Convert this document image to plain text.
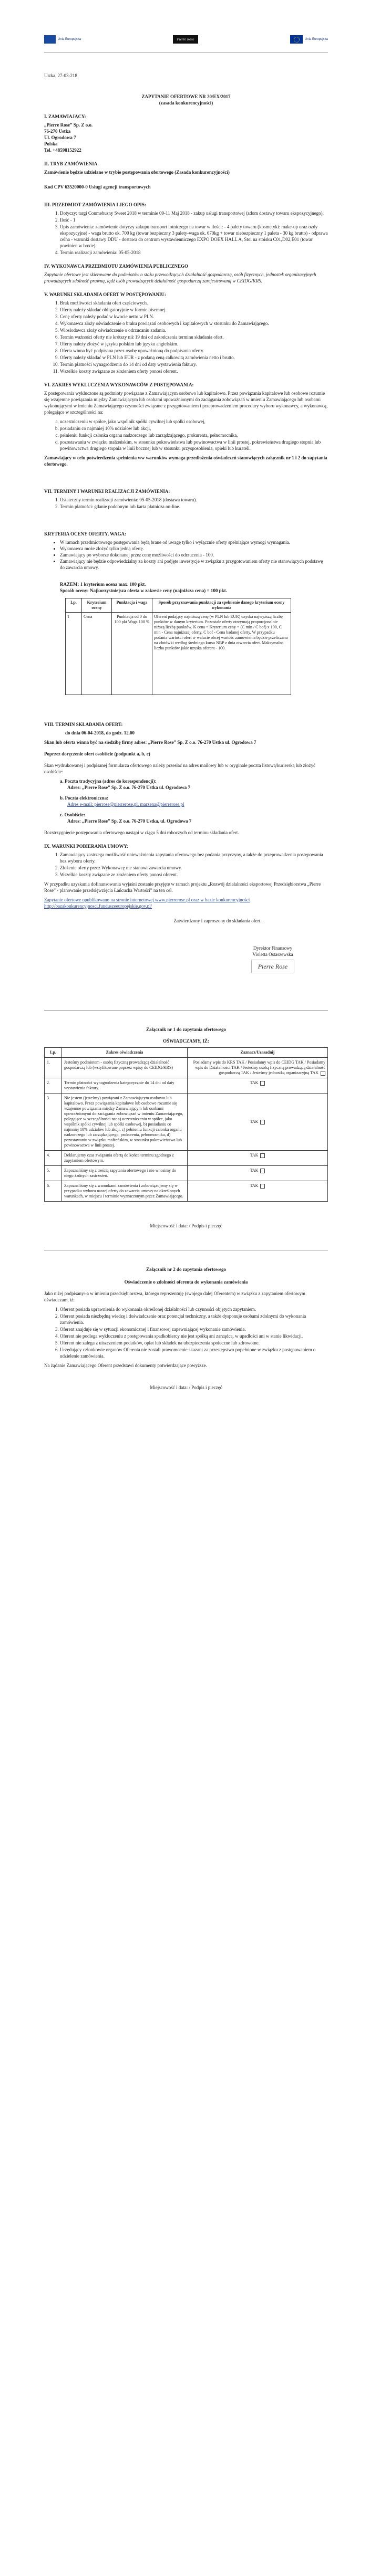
Unia Europejska	Pierre Rose	Unia Europejska

Ustka, 27-03-218

ZAPYTANIE OFERTOWE NR 20/EX/2017

(zasada konkurencyjności)

I. ZAMAWIAJĄCY:
„Pierre Rose” Sp. Z o.o.
76-270 Ustka
Ul. Ogrodowa 7
Polska
Tel. +48598152922
II. TRYB ZAMÓWIENIA

Zamówienie będzie udzielane w trybie postępowania ofertowego (Zasada konkurencyjności)

Kod CPV 63520000-0 Usługi agencji transportowych

III. PRZEDMIOT ZAMÓWIENIA I JEGO OPIS:
1. Dotyczy: targi Conmebusny Sweet 2018 w terminie 09-11 Maj 2018 - zakup usługi transportowej (zdom dostawy towaru ekspozycyjnego).
2. Ilość - 1
3. Opis zamówienia: zamówienie dotyczy zakupu transport lotniczego na towar w ilości: - 4 palety towaru (kosmetyki: make-up oraz ozdy ekspozycyjne) - waga brutto ok. 700 kg (towar bezpieczny 3 palety-waga ok. 670kg + towar niebezpieczny 1 paleta - 30 kg brutto) - odprawa celna - warunki dostawy DDU - dostawa do centrum wystawienniczego EXPO DOEX HALL A, Stoi na stoisku C01,D02,E01 (towar powinien w boxie).
4. Termin realizacji zamówienia: 05-05-2018
IV. WYKONAWCA PRZEDMIOTU ZAMÓWIENIA PUBLICZNEGO

Zapytanie ofertowe jest skierowane do podmiotów o stażu przewodzących działalność gospodarczą, osób fizycznych, jednostek organizacyjnych prowadzących zdolność prawną, lądź osób prowadzących działalność gospodarczą zarejestrowaną w CEIDG/KRS.

V. WARUNKI SKŁADANIA OFERT W POSTĘPOWANIU:
1. Brak możliwości składania ofert częściowych.
2. Oferty należy składać obligatoryjnie w formie pisemnej.
3. Cenę oferty należy podać w kwocie netto w PLN.
4. Wykonawca złoży oświadczenie o braku powiązań osobowych i kapitałowych w stosunku do Zamawiającego.
5. Wiosłodawca złoży oświadczenie o odrzucaniu zadania.
6. Termin ważności oferty nie krótszy niż 19 dni od zakończenia terminu składania ofert.
7. Oferty należy złożyć w języku polskim lub języku angielskim.
8. Oferta winna być podpisana przez osobę upoważnioną do podpisania oferty.
9. Oferty należy składać w PLN lub EUR - z podaną ceną całkowitą zamówienia netto i brutto.
10. Termin płatności wynagrodzenia do 14 dni od daty wystawienia faktury.
11. Wszelkie koszty związane ze złożeniem oferty ponosi oferent.
VI. ZAKRES WYKLUCZENIA WYKONAWCÓW Z POSTĘPOWANIA:

Z postępowania wykluczone są podmioty powiązane z Zamawiającym osobowo lub kapitałowo. Przez powiązania kapitałowe lub osobowe rozumie się wzajemne powiązania między Zamawiającym lub osobami upoważnionymi do zaciągania zobowiązań w imieniu Zamawiającego lub osobami wykonującymi w imieniu Zamawiającego czynności związane z przygotowaniem i przeprowadzeniem procedury wyboru wykonawcy, a wykonawcą, polegające w szczególności na:

a. uczestniczeniu w spółce, jako wspólnik spółki cywilnej lub spółki osobowej,
b. posiadaniu co najmniej 10% udziałów lub akcji,
c. pełnieniu funkcji członka organu nadzorczego lub zarządzającego, prokurenta, pełnomocnika,
d. pozostawaniu w związku małżeńskim, w stosunku pokrewieństwa lub powinowactwa w linii prostej, pokrewieństwa drugiego stopnia lub powinowactwa drugiego stopnia w linii bocznej lub w stosunku przysposobienia, opieki lub kurateli.

Zamawiający w celu potwierdzenia spełnienia ww warunków wymaga przedłożenia oświadczeń stanowiących załącznik nr 1 i 2 do zapytania ofertowego.

VII. TERMINY I WARUNKI REALIZACJI ZAMÓWIENIA:
1. Ostateczny termin realizacji zamówienia: 05-05-2018 (dostawa towaru).
2. Termin płatności: gdanie podobnym lub karta płatnicza on-line.
KRYTERIA OCENY OFERTY, WAGA:
• W ramach przedmiotowego postępowania będą brane od uwagę tylko i wyłącznie oferty spełniające wymogi wymagania.
• Wykonawca może złożyć tylko jedną ofertę.
• Zamawiający po wyborze dokonanej przez cenę możliwości do odrzucenia - 100.
• Zamawiający nie będzie odpowiedzialny za koszty ani podjęte inwestycje w związku z przygotowaniem oferty nie stanowiących podstawę do zawarcia umowy.

RAZEM: 1 kryterium ocena max. 100 pkt.

Sposób oceny: Najkorzystniejsza oferta w zakresie ceny (najniższa cena) = 100 pkt.

Lp.	Kryterium oceny	Punktacja i waga	Sposób przyznawania punktacji za spełnienie danego kryterium oceny wykonania
1	Cena	Punktacja od 0 do 100 pkt Waga 100 %	Oferent podający najniższą cenę (w PLN lub EUR) uzyska najwyższą liczbę punktów w danym kryterium. Pozostałe oferty otrzymają proporcjonalnie niższą liczbę punktów. K cena = Kryterium ceny = (C min / C bof) x 100, C min - Cena najniższej oferty, C bof - Cena badanej oferty. W przypadku podania wartości ofert w walucie obcej wartość zamówienia będzie przeliczana na złotówki według średniego kursu NBP z dnia otwarcia ofert. Maksymalna liczba punktów jakie uzyska oferent - 100.
VIII. TERMIN SKŁADANIA OFERT:

do dnia 06-04-2018, do godz. 12.00

Skan lub oferta winna być na siedzibę firmy adres: „Pierre Rose” Sp. Z o.o. 76-270 Ustka ul. Ogrodowa 7

Poprzez doręczenie ofert osobiście (podpunkt a, b, c)

Skan wydrukowanej i podpisanej formularza ofertowego należy przesłać na adres mailowy lub w oryginale poczta listową/kurierską lub złożyć osobiście:

a. Poczta tradycyjna (adres do korespondencji):

Adres: „Pierre Rose” Sp. Z o.o. 76-270 Ustka ul. Ogrodowa 7

b. Poczta elektroniczna:

Adres e-mail: pierrose@pierrerose.pl, marzena@pierrerose.pl

c. Osobiście:

Adres: „Pierre Rose” Sp. Z o.o. 76-270 Ustka, ul. Ogrodowa 7

Rozstrzygnięcie postępowania ofertowego nastąpi w ciągu 5 dni roboczych od terminu składania ofert.

IX. WARUNKI POBIERANIA UMOWY:
1. Zamawiający zastrzega możliwość unieważnienia zapytania ofertowego bez podania przyczyny, a także do przeprowadzenia postępowania bez wyboru oferty.
2. Złożenie oferty przez Wykonawcę nie stanowi zawarcia umowy.
3. Wszelkie koszty związane ze złożeniem oferty ponosi oferent.

W przypadku uzyskania dofinansowania wyjaśni zostanie przyjęte w ramach projektu „Rozwój działalności eksportowej Przedsiębiorstwa „Pierre Rose” - planowanie przedsięwzięcia Łańcucha Wartości” na ten cel.

Zapytanie ofertowe opublikowano na stronie internetowej www.pierrerose.pl oraz w bazie konkurencyjności http://bazakonkurencyjnosci.funduszeeuropejskie.gov.pl/

Zatwierdzony i zaproszony do składania ofert.

Dyrektor Finansowy
Violetta Ostaszewska
Pierre Rose

Załącznik nr 1 do zapytania ofertowego

OŚWIADCZAMY, IŻ:

Lp.	Zakres oświadczenia	Zaznacz/Uzasadnij
1.	Jesteśmy podmiotem - osobą fizyczną prowadzącą działalność gospodarczą lub (wstyfikowane poprzez wpisy do CEIDG/KRS)	Posiadamy wpis do KRS TAK / Posiadamy wpis do CEIDG TAK / Posiadamy wpis do Działalności TAK / Jesteśmy osobą fizyczną prowadzącą działalność gospodarczą TAK / Jesteśmy jednostką organizacyjną TAK
2.	Termin płatności wynagrodzenia kategorycznie do 14 dni od daty wystawienia faktury.	TAK
3.	Nie jestem (jesteśmy) powiązani z Zamawiającym osobowo lub kapitałowo. Przez powiązania kapitałowe lub osobowe rozumie się wzajemne powiązania między Zamawiającym lub osobami upoważnionymi do zaciągania zobowiązań w imieniu Zamawiającego, polegające w szczególności na: a) uczestniczeniu w spółce, jako wspólnik spółki cywilnej lub spółki osobowej, b) posiadaniu co najmniej 10% udziałów lub akcji, c) pełnieniu funkcji członka organu nadzorczego lub zarządzającego, prokurenta, pełnomocnika, d) pozostawaniu w związku małżeńskim, w stosunku pokrewieństwa lub powinowactwa w linii prostej.	TAK
4.	Deklarujemy czas związania ofertą do końca terminu zgodnego z zapytaniem ofertowym.	TAK
5.	Zapoznaliśmy się z treścią zapytania ofertowego i nie wnosimy do niego żadnych zastrzeżeń.	TAK
6.	Zapoznaliśmy się z warunkami zamówienia i zobowiązujemy się w przypadku wyboru naszej oferty do zawarcia umowy na określonych warunkach, w miejscu i terminie wyznaczonym przez Zamawiającego.	TAK

Miejscowość i data: / Podpis i pieczęć

Załącznik nr 2 do zapytania ofertowego

Oświadczenie o zdolności oferenta do wykonania zamówienia

Jako niżej podpisany/-a w imieniu przedsiębiorstwa, którego reprezentuję (swojego dalej Oferentem) w związku z zapytaniem ofertowym oświadczam, iż:

1. Oferent posiada uprawnienia do wykonania określonej działalności lub czynności objętych zapytaniem.
2. Oferent posiada niezbędną wiedzę i doświadczenie oraz potencjał techniczny, a także dysponuje osobami zdolnymi do wykonania zamówienia.
3. Oferent znajduje się w sytuacji ekonomicznej i finansowej zapewniającej wykonanie zamówienia.
4. Oferent nie podlega wykluczeniu z postępowania spadkobiercy nie jest spółką ani zarządcą, w upadłości ani w stanie likwidacji.
5. Oferent nie zalega z uiszczeniem podatków, opłat lub składek na ubezpieczenia społeczne lub zdrowotne.
6. Urzędujący członkowie organów Oferenta nie zostali prawomocnie skazani za przestępstwo popełnione w związku z postępowaniem o udzielenie zamówienia.

Na żądanie Zamawiającego Oferent przedstawi dokumenty potwierdzające powyższe.

Miejscowość i data: / Podpis i pieczęć
